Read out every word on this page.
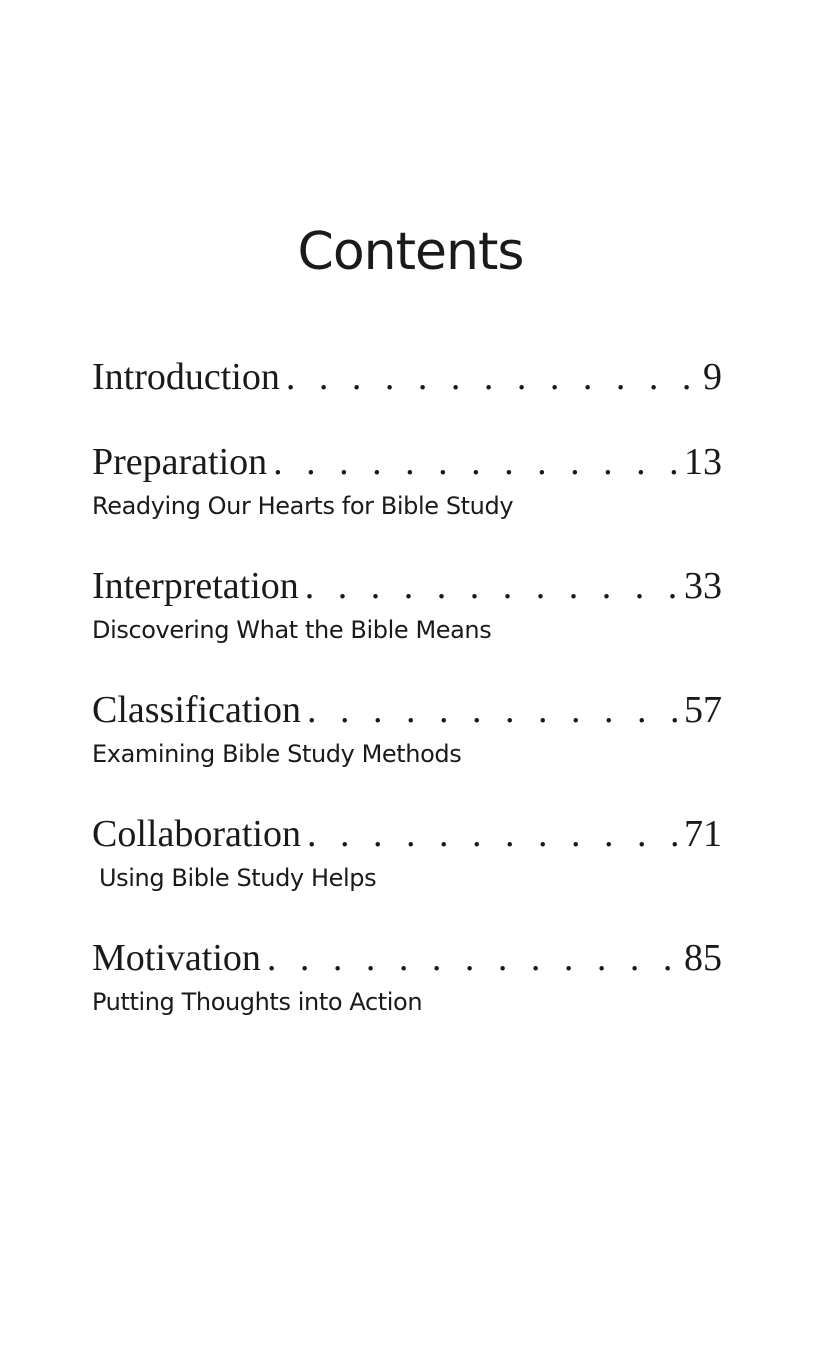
Contents
Introduction . . .	9
Preparation . . .	13
Readying Our Hearts for Bible Study
Interpretation . . .	33
Discovering What the Bible Means
Classification . . .	57
Examining Bible Study Methods
Collaboration . . .	71
Using Bible Study Helps
Motivation . . .	85
Putting Thoughts into Action
